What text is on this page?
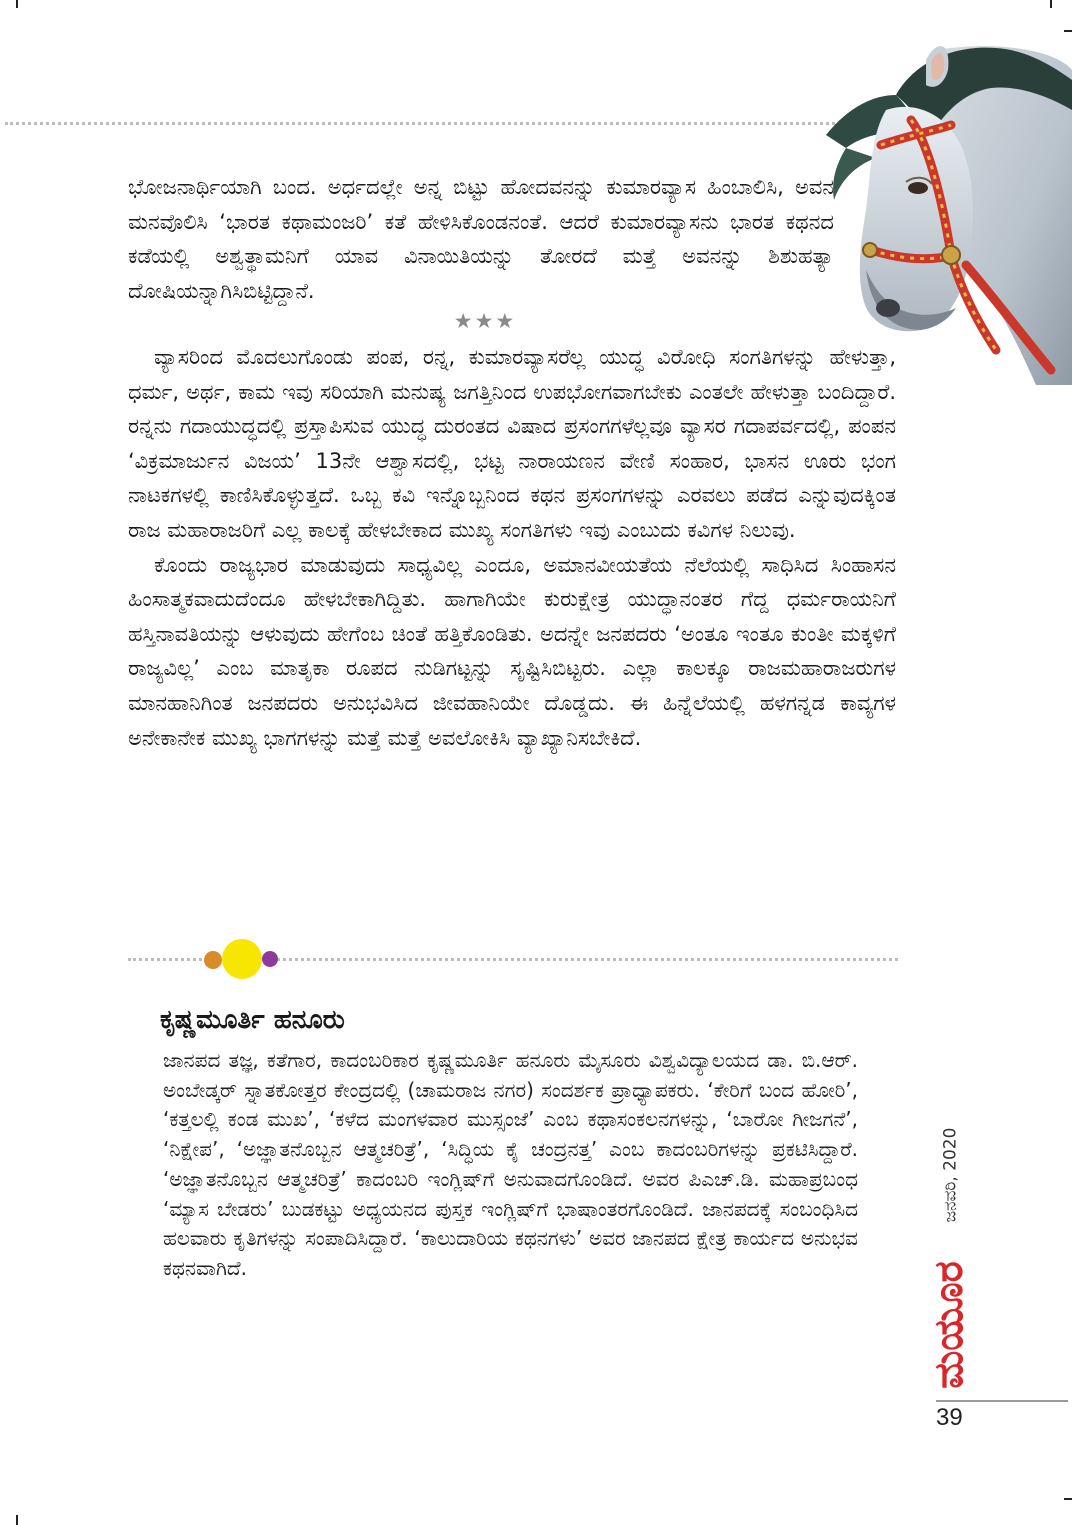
ಭೋಜನಾರ್ಥಿಯಾಗಿ ಬಂದ. ಅರ್ಧದಲ್ಲೇ ಅನ್ನ ಬಿಟ್ಟು ಹೋದವನನ್ನು ಕುಮಾರವ್ಯಾಸ ಹಿಂಬಾಲಿಸಿ, ಅವನ ಮನವೊಲಿಸಿ ‘ಭಾರತ ಕಥಾಮಂಜರಿ’ ಕತೆ ಹೇಳಿಸಿಕೊಂಡನಂತೆ. ಆದರೆ ಕುಮಾರವ್ಯಾಸನು ಭಾರತ ಕಥನದ ಕಡೆಯಲ್ಲಿ ಅಶ್ವತ್ಥಾಮನಿಗೆ ಯಾವ ವಿನಾಯಿತಿಯನ್ನು ತೋರದೆ ಮತ್ತೆ ಅವನನ್ನು ಶಿಶುಹತ್ಯಾ ದೋಷಿಯನ್ನಾಗಿಸಿಬಿಟ್ಟಿದ್ದಾನೆ.

★★★

ವ್ಯಾಸರಿಂದ ಮೊದಲುಗೊಂಡು ಪಂಪ, ರನ್ನ, ಕುಮಾರವ್ಯಾಸರೆಲ್ಲ ಯುದ್ಧ ವಿರೋಧಿ ಸಂಗತಿಗಳನ್ನು ಹೇಳುತ್ತಾ, ಧರ್ಮ, ಅರ್ಥ, ಕಾಮ ಇವು ಸರಿಯಾಗಿ ಮನುಷ್ಯ ಜಗತ್ತಿನಿಂದ ಉಪಭೋಗವಾಗಬೇಕು ಎಂತಲೇ ಹೇಳುತ್ತಾ ಬಂದಿದ್ದಾರೆ. ರನ್ನನು ಗದಾಯುದ್ಧದಲ್ಲಿ ಪ್ರಸ್ತಾಪಿಸುವ ಯುದ್ಧ ದುರಂತದ ವಿಷಾದ ಪ್ರಸಂಗಗಳೆಲ್ಲವೂ ವ್ಯಾಸರ ಗದಾಪರ್ವದಲ್ಲಿ, ಪಂಪನ ‘ವಿಕ್ರಮಾರ್ಜುನ ವಿಜಯ’ 13ನೇ ಆಶ್ವಾಸದಲ್ಲಿ, ಭಟ್ಟ ನಾರಾಯಣನ ವೇಣಿ ಸಂಹಾರ, ಭಾಸನ ಊರು ಭಂಗ ನಾಟಕಗಳಲ್ಲಿ ಕಾಣಿಸಿಕೊಳ್ಳುತ್ತದೆ. ಒಬ್ಬ ಕವಿ ಇನ್ನೊಬ್ಬನಿಂದ ಕಥನ ಪ್ರಸಂಗಗಳನ್ನು ಎರವಲು ಪಡೆದ ಎನ್ನುವುದಕ್ಕಿಂತ ರಾಜ ಮಹಾರಾಜರಿಗೆ ಎಲ್ಲ ಕಾಲಕ್ಕೆ ಹೇಳಬೇಕಾದ ಮುಖ್ಯ ಸಂಗತಿಗಳು ಇವು ಎಂಬುದು ಕವಿಗಳ ನಿಲುವು.

ಕೊಂದು ರಾಜ್ಯಭಾರ ಮಾಡುವುದು ಸಾಧ್ಯವಿಲ್ಲ ಎಂದೂ, ಅಮಾನವೀಯತೆಯ ನೆಲೆಯಲ್ಲಿ ಸಾಧಿಸಿದ ಸಿಂಹಾಸನ ಹಿಂಸಾತ್ಮಕವಾದುದೆಂದೂ ಹೇಳಬೇಕಾಗಿದ್ದಿತು. ಹಾಗಾಗಿಯೇ ಕುರುಕ್ಷೇತ್ರ ಯುದ್ಧಾನಂತರ ಗೆದ್ದ ಧರ್ಮರಾಯನಿಗೆ ಹಸ್ತಿನಾವತಿಯನ್ನು ಆಳುವುದು ಹೇಗೆಂಬ ಚಿಂತೆ ಹತ್ತಿಕೊಂಡಿತು. ಅದನ್ನೇ ಜನಪದರು ‘ಅಂತೂ ಇಂತೂ ಕುಂತೀ ಮಕ್ಕಳಿಗೆ ರಾಜ್ಯವಿಲ್ಲ’ ಎಂಬ ಮಾತೃಕಾ ರೂಪದ ನುಡಿಗಟ್ಟನ್ನು ಸೃಷ್ಟಿಸಿಬಿಟ್ಟರು. ಎಲ್ಲಾ ಕಾಲಕ್ಕೂ ರಾಜಮಹಾರಾಜರುಗಳ ಮಾನಹಾನಿಗಿಂತ ಜನಪದರು ಅನುಭವಿಸಿದ ಜೀವಹಾನಿಯೇ ದೊಡ್ಡದು. ಈ ಹಿನ್ನೆಲೆಯಲ್ಲಿ ಹಳಗನ್ನಡ ಕಾವ್ಯಗಳ ಅನೇಕಾನೇಕ ಮುಖ್ಯ ಭಾಗಗಳನ್ನು ಮತ್ತೆ ಮತ್ತೆ ಅವಲೋಕಿಸಿ ವ್ಯಾಖ್ಯಾನಿಸಬೇಕಿದೆ.

ಕೃಷ್ಣಮೂರ್ತಿ ಹನೂರು
ಜಾನಪದ ತಜ್ಞ, ಕತೆಗಾರ, ಕಾದಂಬರಿಕಾರ ಕೃಷ್ಣಮೂರ್ತಿ ಹನೂರು ಮೈಸೂರು ವಿಶ್ವವಿದ್ಯಾಲಯದ ಡಾ. ಬಿ.ಆರ್. ಅಂಬೇಡ್ಕರ್ ಸ್ನಾತಕೋತ್ತರ ಕೇಂದ್ರದಲ್ಲಿ (ಚಾಮರಾಜ ನಗರ) ಸಂದರ್ಶಕ ಪ್ರಾಧ್ಯಾಪಕರು. ‘ಕೇರಿಗೆ ಬಂದ ಹೋರಿ’, ‘ಕತ್ತಲಲ್ಲಿ ಕಂಡ ಮುಖ’, ‘ಕಳೆದ ಮಂಗಳವಾರ ಮುಸ್ಸಂಜೆ’ ಎಂಬ ಕಥಾಸಂಕಲನಗಳನ್ನು, ‘ಬಾರೋ ಗೀಜಗನೆ’, ‘ನಿಕ್ಷೇಪ’, ‘ಅಜ್ಞಾತನೊಬ್ಬನ ಆತ್ಮಚರಿತ್ರೆ’, ‘ಸಿದ್ಧಿಯ ಕೈ ಚಂದ್ರನತ್ತ’ ಎಂಬ ಕಾದಂಬರಿಗಳನ್ನು ಪ್ರಕಟಿಸಿದ್ದಾರೆ. ‘ಅಜ್ಞಾತನೊಬ್ಬನ ಆತ್ಮಚರಿತ್ರೆ’ ಕಾದಂಬರಿ ಇಂಗ್ಲಿಷ್‌ಗೆ ಅನುವಾದಗೊಂಡಿದೆ. ಅವರ ಪಿಎಚ್.ಡಿ. ಮಹಾಪ್ರಬಂಧ ‘ಮ್ಯಾಸ ಬೇಡರು’ ಬುಡಕಟ್ಟು ಅಧ್ಯಯನದ ಪುಸ್ತಕ ಇಂಗ್ಲಿಷ್‌ಗೆ ಭಾಷಾಂತರಗೊಂಡಿದೆ. ಜಾನಪದಕ್ಕೆ ಸಂಬಂಧಿಸಿದ ಹಲವಾರು ಕೃತಿಗಳನ್ನು ಸಂಪಾದಿಸಿದ್ದಾರೆ. ‘ಕಾಲುದಾರಿಯ ಕಥನಗಳು’ ಅವರ ಜಾನಪದ ಕ್ಷೇತ್ರ ಕಾರ್ಯದ ಅನುಭವ ಕಥನವಾಗಿದೆ.
ಜನವರಿ, 2020
ಮಯೂರ
39
